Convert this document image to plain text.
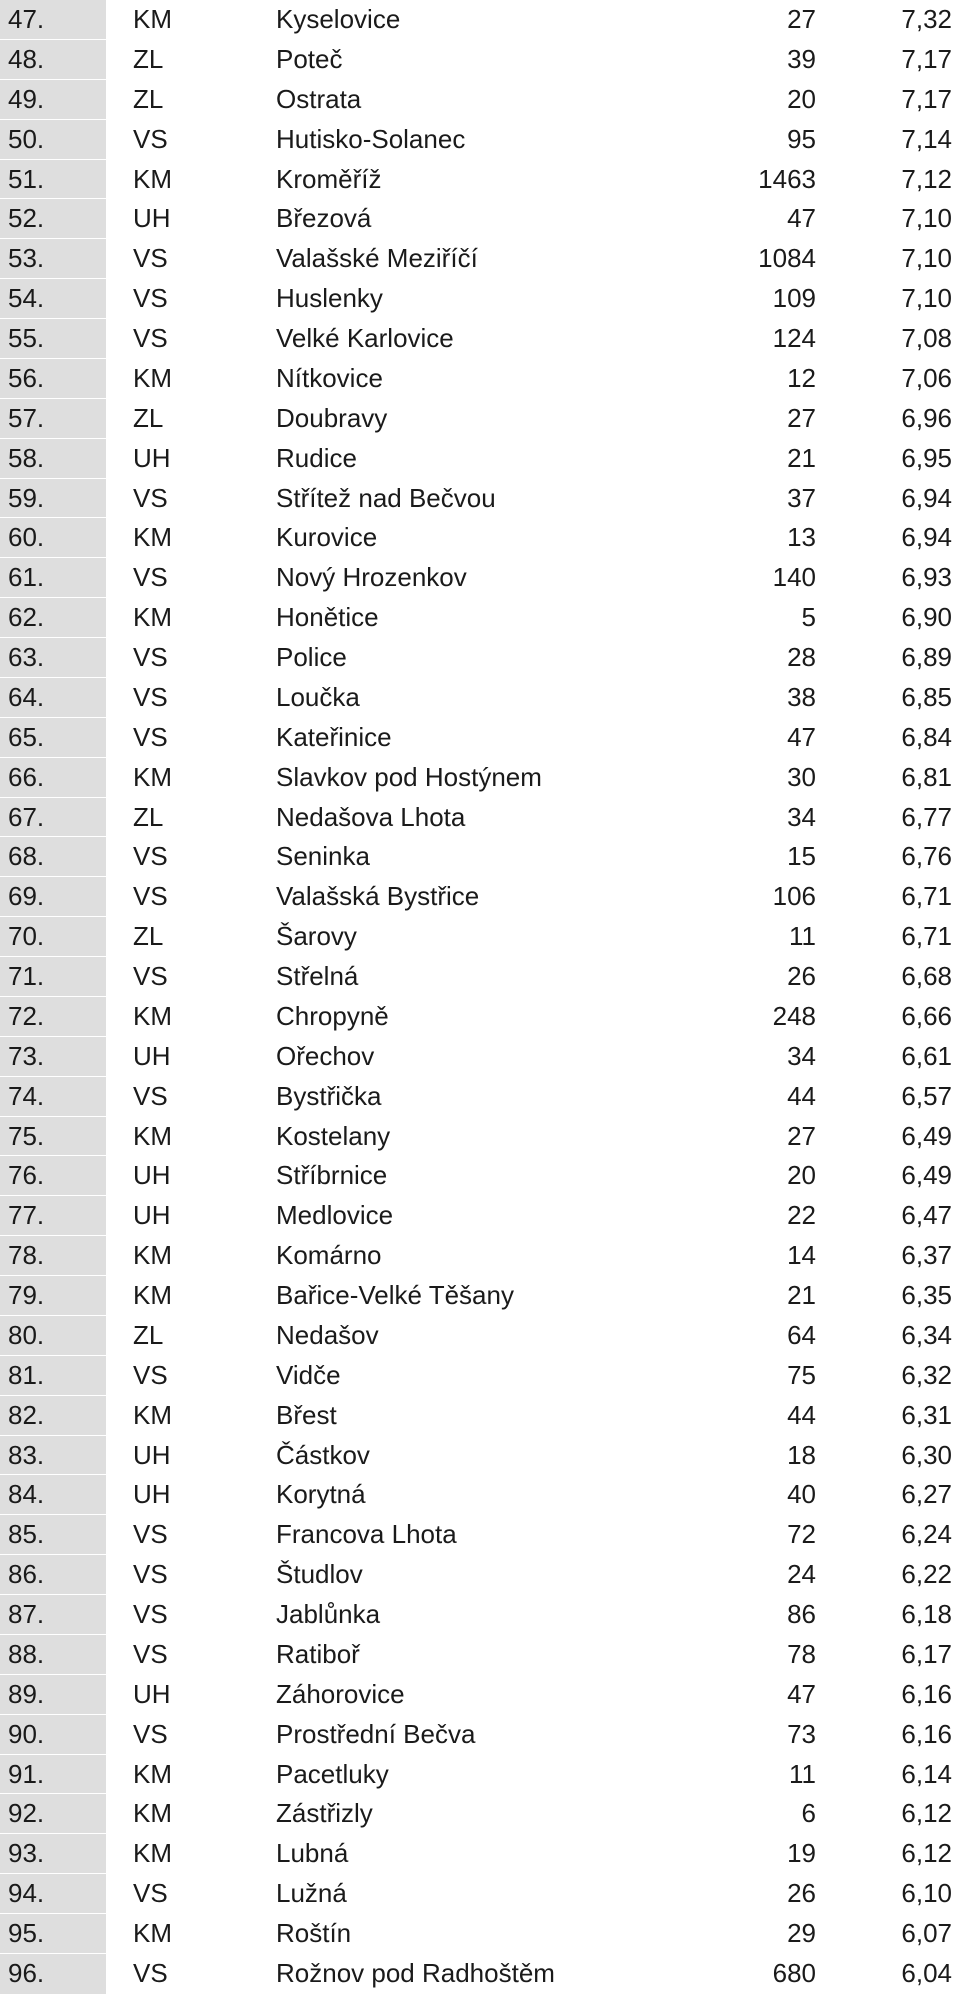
47.	KM	Kyselovice	27	7,32
48.	ZL	Poteč	39	7,17
49.	ZL	Ostrata	20	7,17
50.	VS	Hutisko-Solanec	95	7,14
51.	KM	Kroměříž	1463	7,12
52.	UH	Březová	47	7,10
53.	VS	Valašské Meziříčí	1084	7,10
54.	VS	Huslenky	109	7,10
55.	VS	Velké Karlovice	124	7,08
56.	KM	Nítkovice	12	7,06
57.	ZL	Doubravy	27	6,96
58.	UH	Rudice	21	6,95
59.	VS	Střítež nad Bečvou	37	6,94
60.	KM	Kurovice	13	6,94
61.	VS	Nový Hrozenkov	140	6,93
62.	KM	Honětice	5	6,90
63.	VS	Police	28	6,89
64.	VS	Loučka	38	6,85
65.	VS	Kateřinice	47	6,84
66.	KM	Slavkov pod Hostýnem	30	6,81
67.	ZL	Nedašova Lhota	34	6,77
68.	VS	Seninka	15	6,76
69.	VS	Valašská Bystřice	106	6,71
70.	ZL	Šarovy	11	6,71
71.	VS	Střelná	26	6,68
72.	KM	Chropyně	248	6,66
73.	UH	Ořechov	34	6,61
74.	VS	Bystřička	44	6,57
75.	KM	Kostelany	27	6,49
76.	UH	Stříbrnice	20	6,49
77.	UH	Medlovice	22	6,47
78.	KM	Komárno	14	6,37
79.	KM	Bařice-Velké Těšany	21	6,35
80.	ZL	Nedašov	64	6,34
81.	VS	Vidče	75	6,32
82.	KM	Břest	44	6,31
83.	UH	Částkov	18	6,30
84.	UH	Korytná	40	6,27
85.	VS	Francova Lhota	72	6,24
86.	VS	Študlov	24	6,22
87.	VS	Jablůnka	86	6,18
88.	VS	Ratiboř	78	6,17
89.	UH	Záhorovice	47	6,16
90.	VS	Prostřední Bečva	73	6,16
91.	KM	Pacetluky	11	6,14
92.	KM	Zástřizly	6	6,12
93.	KM	Lubná	19	6,12
94.	VS	Lužná	26	6,10
95.	KM	Roštín	29	6,07
96.	VS	Rožnov pod Radhoštěm	680	6,04
